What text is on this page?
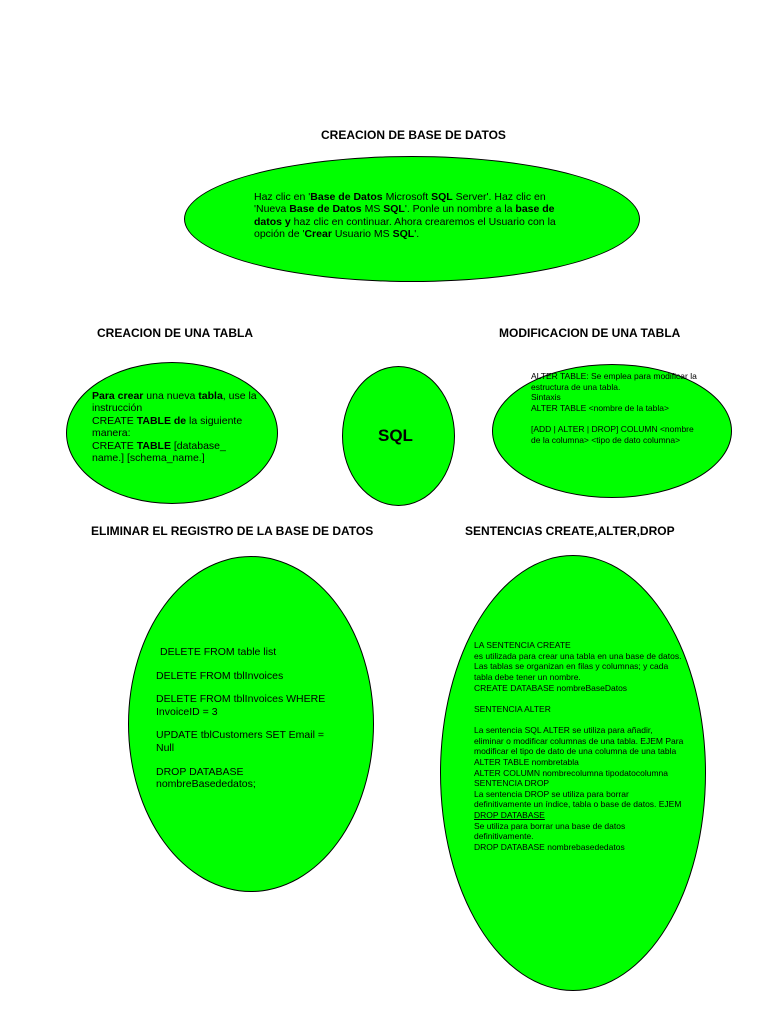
CREACION DE BASE DE DATOS
CREACION DE UNA TABLA	MODIFICACION DE UNA TABLA
ELIMINAR EL REGISTRO DE LA BASE DE DATOS	SENTENCIAS CREATE,ALTER,DROP
Haz clic en 'Base de Datos Microsoft SQL Server'. Haz clic en 'Nueva Base de Datos MS SQL'. Ponle un nombre a la base de datos y haz clic en continuar. Ahora crearemos el Usuario con la opción de 'Crear Usuario MS SQL'.
Para crear una nueva tabla, use la instrucción
CREATE TABLE de la siguiente manera:
CREATE TABLE [database_ name.] [schema_name.]
SQL

ALTER TABLE: Se emplea para modificar la estructura de una tabla.

Sintaxis

ALTER TABLE <nombre de la tabla>

[ADD | ALTER | DROP] COLUMN <nombre de la columna> <tipo de dato columna>

DELETE FROM table list

DELETE FROM tblInvoices

DELETE FROM tblInvoices WHERE InvoiceID = 3

UPDATE tblCustomers SET Email = Null

DROP DATABASE nombreBasededatos;

LA SENTENCIA CREATE

es utilizada para crear una tabla en una base de datos.

Las tablas se organizan en filas y columnas; y cada tabla debe tener un nombre.

CREATE DATABASE nombreBaseDatos

SENTENCIA ALTER

La sentencia SQL ALTER se utiliza para añadir, eliminar o modificar columnas de una tabla. EJEM Para modificar el tipo de dato de una columna de una tabla

ALTER TABLE nombretabla

ALTER COLUMN nombrecolumna tipodatocolumna

SENTENCIA DROP

La sentencia DROP se utiliza para borrar definitivamente un índice, tabla o base de datos. EJEM DROP DATABASE

Se utiliza para borrar una base de datos definitivamente.

DROP DATABASE nombrebasededatos
